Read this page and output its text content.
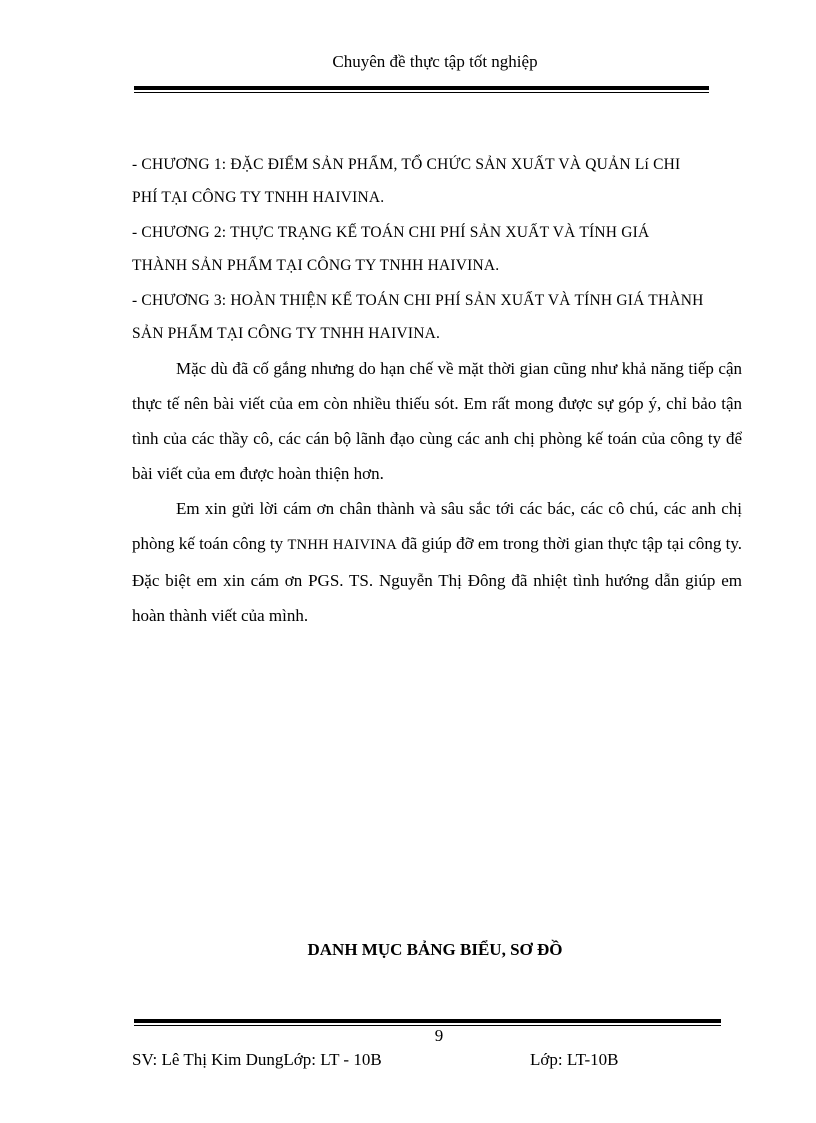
Chuyên đề thực tập tốt nghiệp
- CHƯƠNG 1: ĐẶC ĐIỂM SẢN PHẨM, TỔ CHỨC SẢN XUẤT VÀ QUẢN Lí CHI
PHÍ TẠI CÔNG TY TNHH HAIVINA.
- CHƯƠNG 2: THỰC TRẠNG KẾ TOÁN CHI PHÍ SẢN XUẤT VÀ TÍNH GIÁ
THÀNH SẢN PHẨM TẠI CÔNG TY TNHH HAIVINA.
- CHƯƠNG 3: HOÀN THIỆN KẾ TOÁN CHI PHÍ SẢN XUẤT VÀ TÍNH GIÁ THÀNH
SẢN PHẨM TẠI CÔNG TY TNHH HAIVINA.
Mặc dù đã cố gắng nhưng do hạn chế về mặt thời gian cũng như khả năng tiếp cận thực tế nên bài viết của em còn nhiều thiếu sót. Em rất mong được sự góp ý, chỉ bảo tận tình của các thầy cô, các cán bộ lãnh đạo cùng các anh chị phòng kế toán của công ty để bài viết của em được hoàn thiện hơn.
Em xin gửi lời cám ơn chân thành và sâu sắc tới các bác, các cô chú, các anh chị phòng kế toán công ty TNHH HAIVINA đã giúp đỡ em trong thời gian thực tập tại công ty. Đặc biệt em xin cám ơn PGS. TS. Nguyễn Thị Đông đã nhiệt tình hướng dẫn giúp em hoàn thành viết của mình.
DANH MỤC BẢNG BIỂU, SƠ ĐỒ
9
SV: Lê Thị Kim DungLớp: LT - 10B	Lớp: LT-10B
